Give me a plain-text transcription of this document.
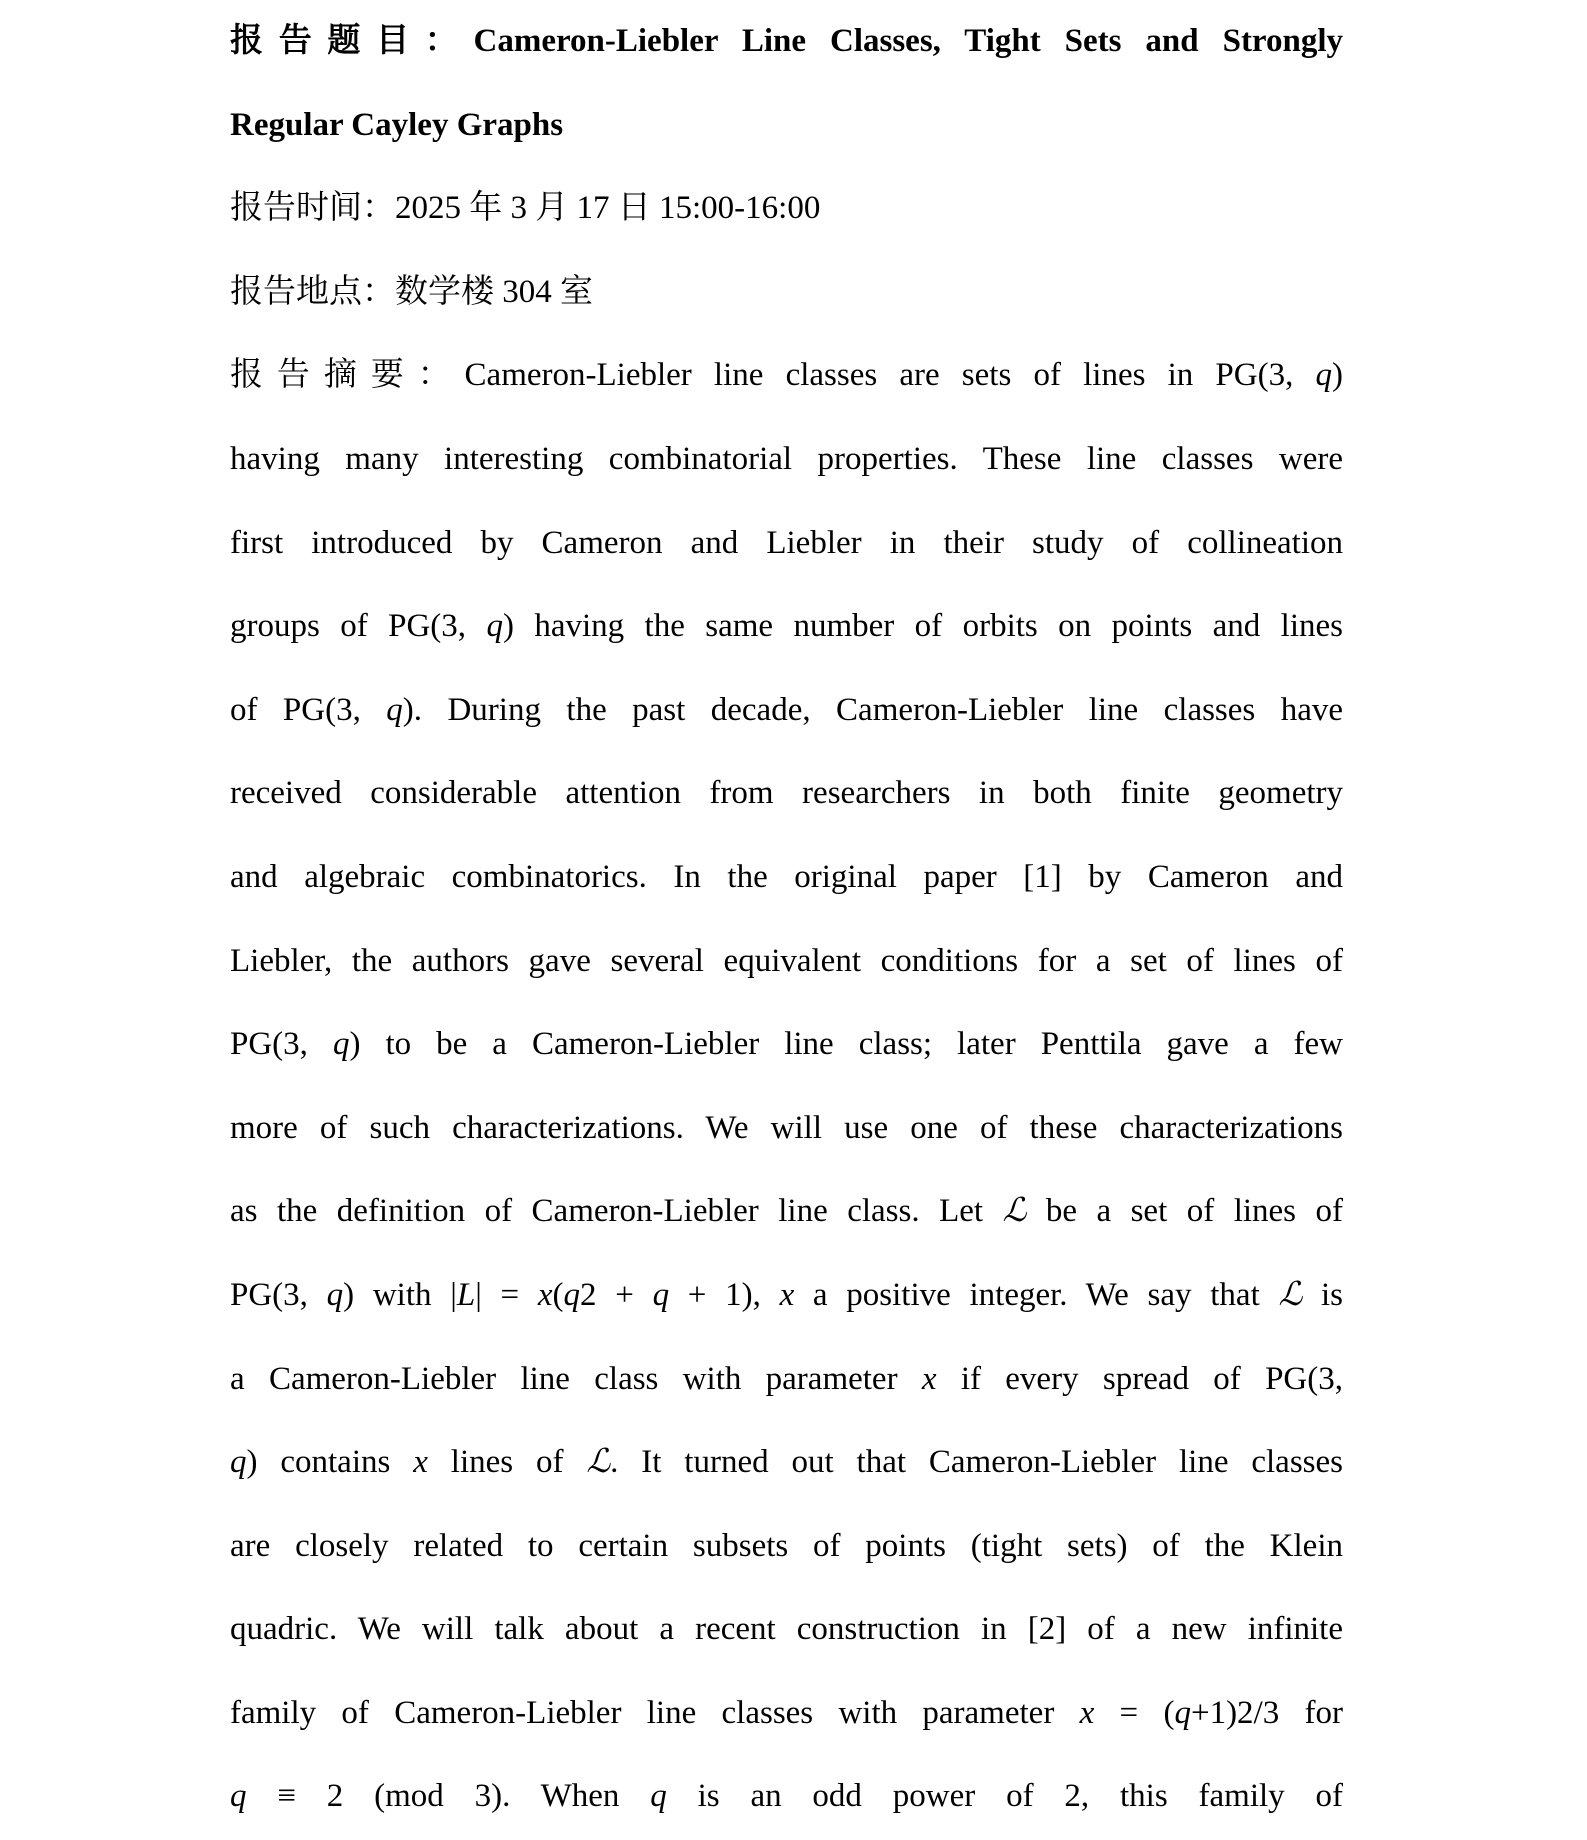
报告题目：Cameron-Liebler Line Classes, Tight Sets and Strongly
Regular Cayley Graphs
报告时间：2025 年 3 月 17 日 15:00-16:00
报告地点：数学楼 304 室
报告摘要：Cameron-Liebler line classes are sets of lines in PG(3, q)
having many interesting combinatorial properties. These line classes were
first introduced by Cameron and Liebler in their study of collineation
groups of PG(3, q) having the same number of orbits on points and lines
of PG(3, q). During the past decade, Cameron-Liebler line classes have
received considerable attention from researchers in both finite geometry
and algebraic combinatorics. In the original paper [1] by Cameron and
Liebler, the authors gave several equivalent conditions for a set of lines of
PG(3, q) to be a Cameron-Liebler line class; later Penttila gave a few
more of such characterizations. We will use one of these characterizations
as the definition of Cameron-Liebler line class. Let ℒ be a set of lines of
PG(3, q) with |L| = x(q2 + q + 1), x a positive integer. We say that ℒ is
a Cameron-Liebler line class with parameter x if every spread of PG(3,
q) contains x lines of ℒ. It turned out that Cameron-Liebler line classes
are closely related to certain subsets of points (tight sets) of the Klein
quadric. We will talk about a recent construction in [2] of a new infinite
family of Cameron-Liebler line classes with parameter x = (q+1)2/3 for
q ≡ 2 (mod 3). When q is an odd power of 2, this family of
